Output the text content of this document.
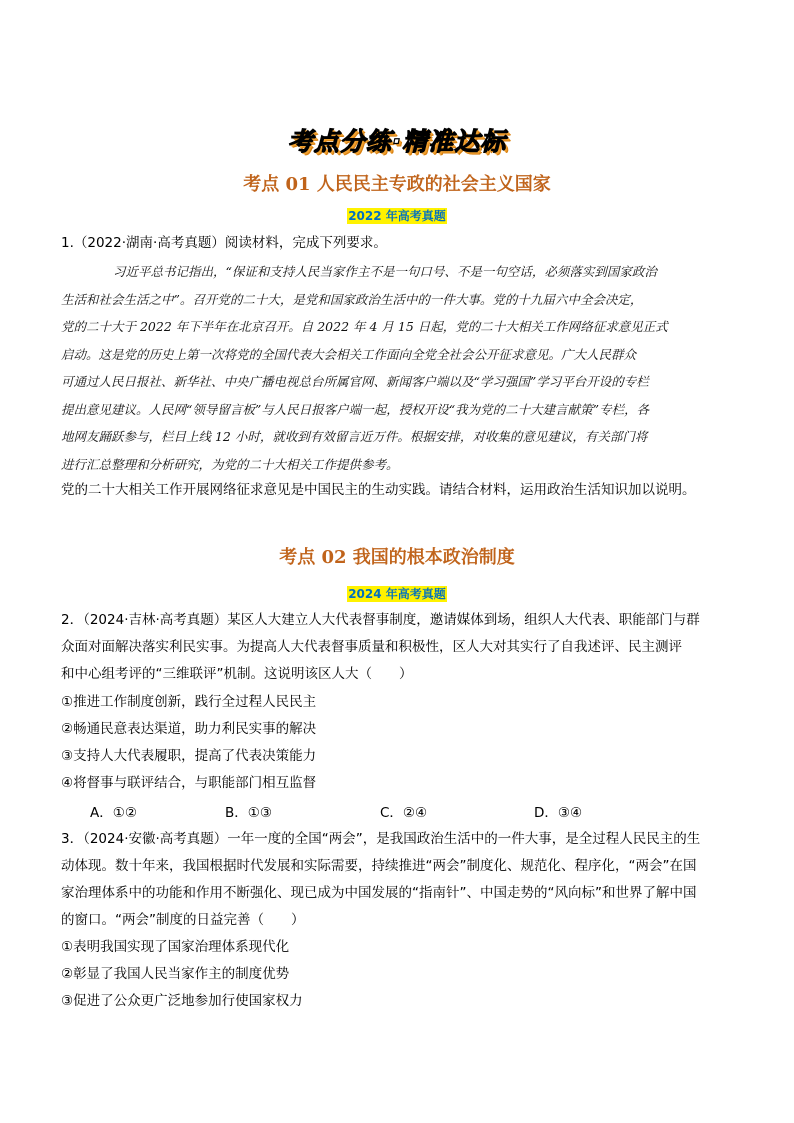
考点分练·精准达标
考点 01 人民民主专政的社会主义国家
2022 年高考真题
1.（2022·湖南·高考真题）阅读材料，完成下列要求。
习近平总书记指出，“保证和支持人民当家作主不是一句口号、不是一句空话，必须落实到国家政治
生活和社会生活之中”。召开党的二十大，是党和国家政治生活中的一件大事。党的十九届六中全会决定，
党的二十大于 2022 年下半年在北京召开。自 2022 年 4 月 15 日起，党的二十大相关工作网络征求意见正式
启动。这是党的历史上第一次将党的全国代表大会相关工作面向全党全社会公开征求意见。广大人民群众
可通过人民日报社、新华社、中央广播电视总台所属官网、新闻客户端以及“学习强国”学习平台开设的专栏
提出意见建议。人民网“领导留言板”与人民日报客户端一起，授权开设“我为党的二十大建言献策”专栏，各
地网友踊跃参与，栏目上线 12 小时，就收到有效留言近万件。根据安排，对收集的意见建议，有关部门将
进行汇总整理和分析研究，为党的二十大相关工作提供参考。
党的二十大相关工作开展网络征求意见是中国民主的生动实践。请结合材料，运用政治生活知识加以说明。
考点 02 我国的根本政治制度
2024 年高考真题
2．（2024·吉林·高考真题）某区人大建立人大代表督事制度，邀请媒体到场，组织人大代表、职能部门与群
众面对面解决落实利民实事。为提高人大代表督事质量和积极性，区人大对其实行了自我述评、民主测评
和中心组考评的“三维联评”机制。这说明该区人大（　　）
①推进工作制度创新，践行全过程人民民主
②畅通民意表达渠道，助力利民实事的解决
③支持人大代表履职，提高了代表决策能力
④将督事与联评结合，与职能部门相互监督
A．①②	B．①③	C．②④	D．③④
3．（2024·安徽·高考真题）一年一度的全国“两会”，是我国政治生活中的一件大事，是全过程人民民主的生
动体现。数十年来，我国根据时代发展和实际需要，持续推进“两会”制度化、规范化、程序化，“两会”在国
家治理体系中的功能和作用不断强化、现已成为中国发展的“指南针”、中国走势的“风向标”和世界了解中国
的窗口。“两会”制度的日益完善（　　）
①表明我国实现了国家治理体系现代化
②彰显了我国人民当家作主的制度优势
③促进了公众更广泛地参加行使国家权力
